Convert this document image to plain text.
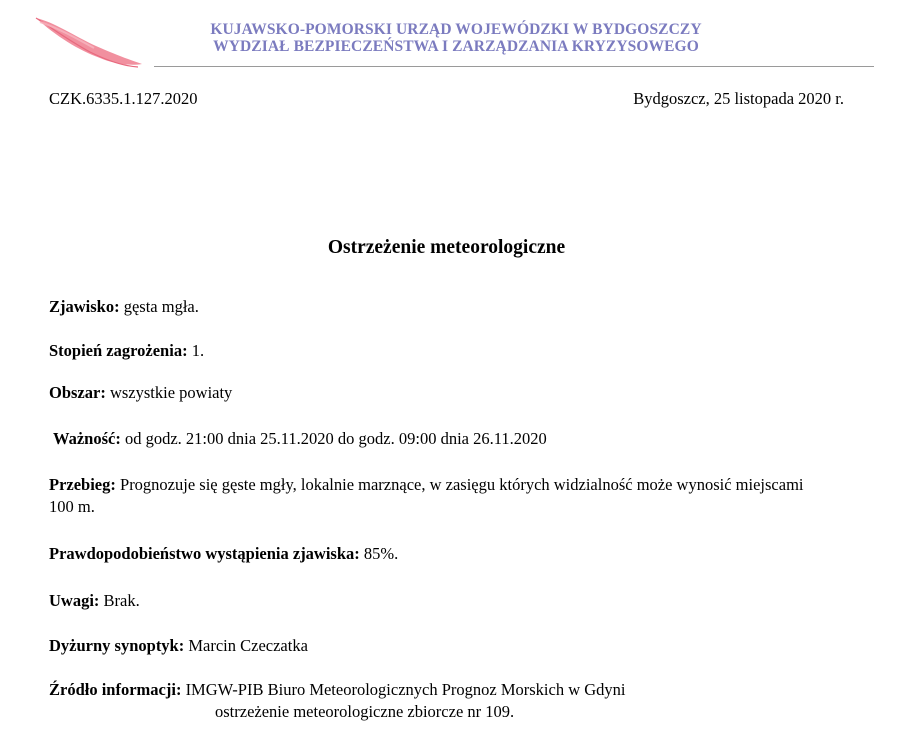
KUJAWSKO-POMORSKI URZĄD WOJEWÓDZKI W BYDGOSZCZY
WYDZIAŁ BEZPIECZEŃSTWA I ZARZĄDZANIA KRYZYSOWEGO
CZK.6335.1.127.2020	Bydgoszcz, 25 listopada 2020 r.
Ostrzeżenie meteorologiczne
Zjawisko: gęsta mgła.
Stopień zagrożenia: 1.
Obszar: wszystkie powiaty
Ważność: od godz. 21:00 dnia 25.11.2020 do godz. 09:00 dnia 26.11.2020
Przebieg: Prognozuje się gęste mgły, lokalnie marznące, w zasięgu których widzialność może wynosić miejscami 100 m.
Prawdopodobieństwo wystąpienia zjawiska: 85%.
Uwagi: Brak.
Dyżurny synoptyk: Marcin Czeczatka
Źródło informacji: IMGW-PIB Biuro Meteorologicznych Prognoz Morskich w Gdyni
ostrzeżenie meteorologiczne zbiorcze nr 109.
